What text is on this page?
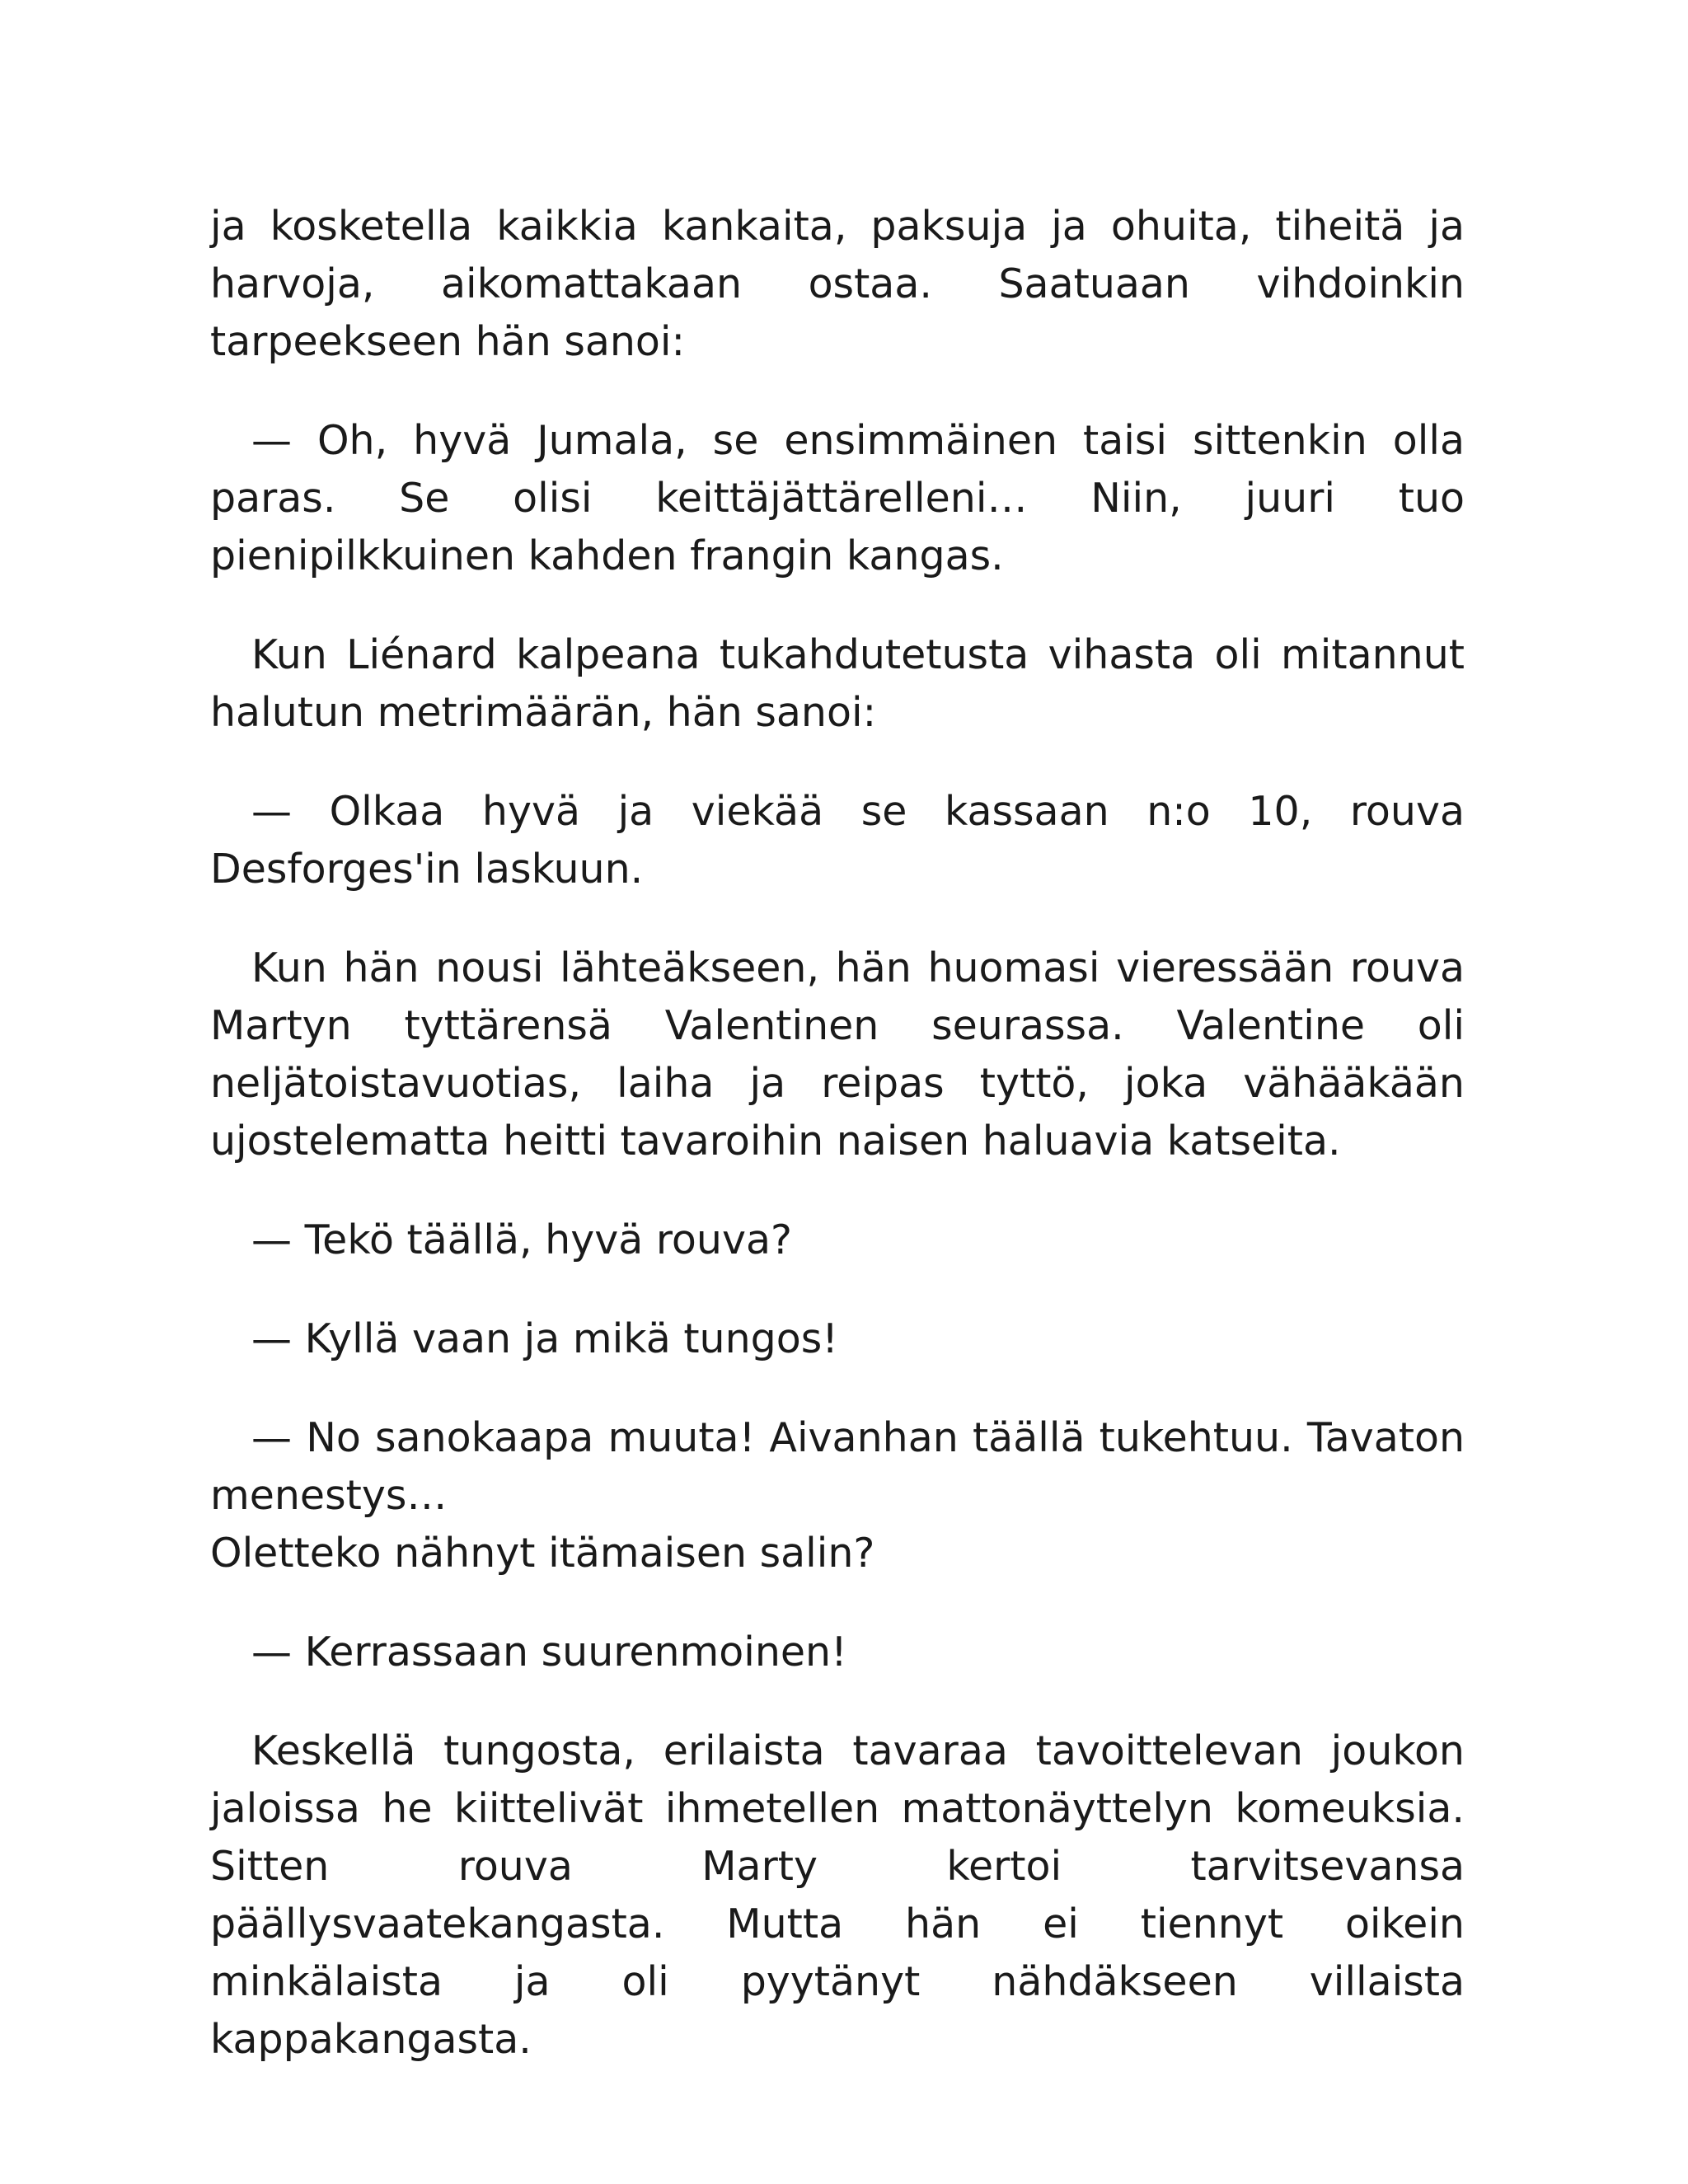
ja kosketella kaikkia kankaita, paksuja ja ohuita, tiheitä ja harvoja, aikomattakaan ostaa. Saatuaan vihdoinkin tarpeekseen hän sanoi:

— Oh, hyvä Jumala, se ensimmäinen taisi sittenkin olla paras. Se olisi keittäjättärelleni… Niin, juuri tuo pienipilkkuinen kahden frangin kangas.

Kun Liénard kalpeana tukahdutetusta vihasta oli mitannut halutun metrimäärän, hän sanoi:

— Olkaa hyvä ja viekää se kassaan n:o 10, rouva Desforges'in laskuun.

Kun hän nousi lähteäkseen, hän huomasi vieressään rouva Martyn tyttärensä Valentinen seurassa. Valentine oli neljätoistavuotias, laiha ja reipas tyttö, joka vähääkään ujostelematta heitti tavaroihin naisen haluavia katseita.

— Tekö täällä, hyvä rouva?

— Kyllä vaan ja mikä tungos!

— No sanokaapa muuta! Aivanhan täällä tukehtuu. Tavaton
menestys…
Oletteko nähnyt itämaisen salin?

— Kerrassaan suurenmoinen!

Keskellä tungosta, erilaista tavaraa tavoittelevan joukon jaloissa he kiittelivät ihmetellen mattonäyttelyn komeuksia. Sitten rouva Marty kertoi tarvitsevansa päällysvaatekangasta. Mutta hän ei tiennyt oikein minkälaista ja oli pyytänyt nähdäkseen villaista kappakangasta.
